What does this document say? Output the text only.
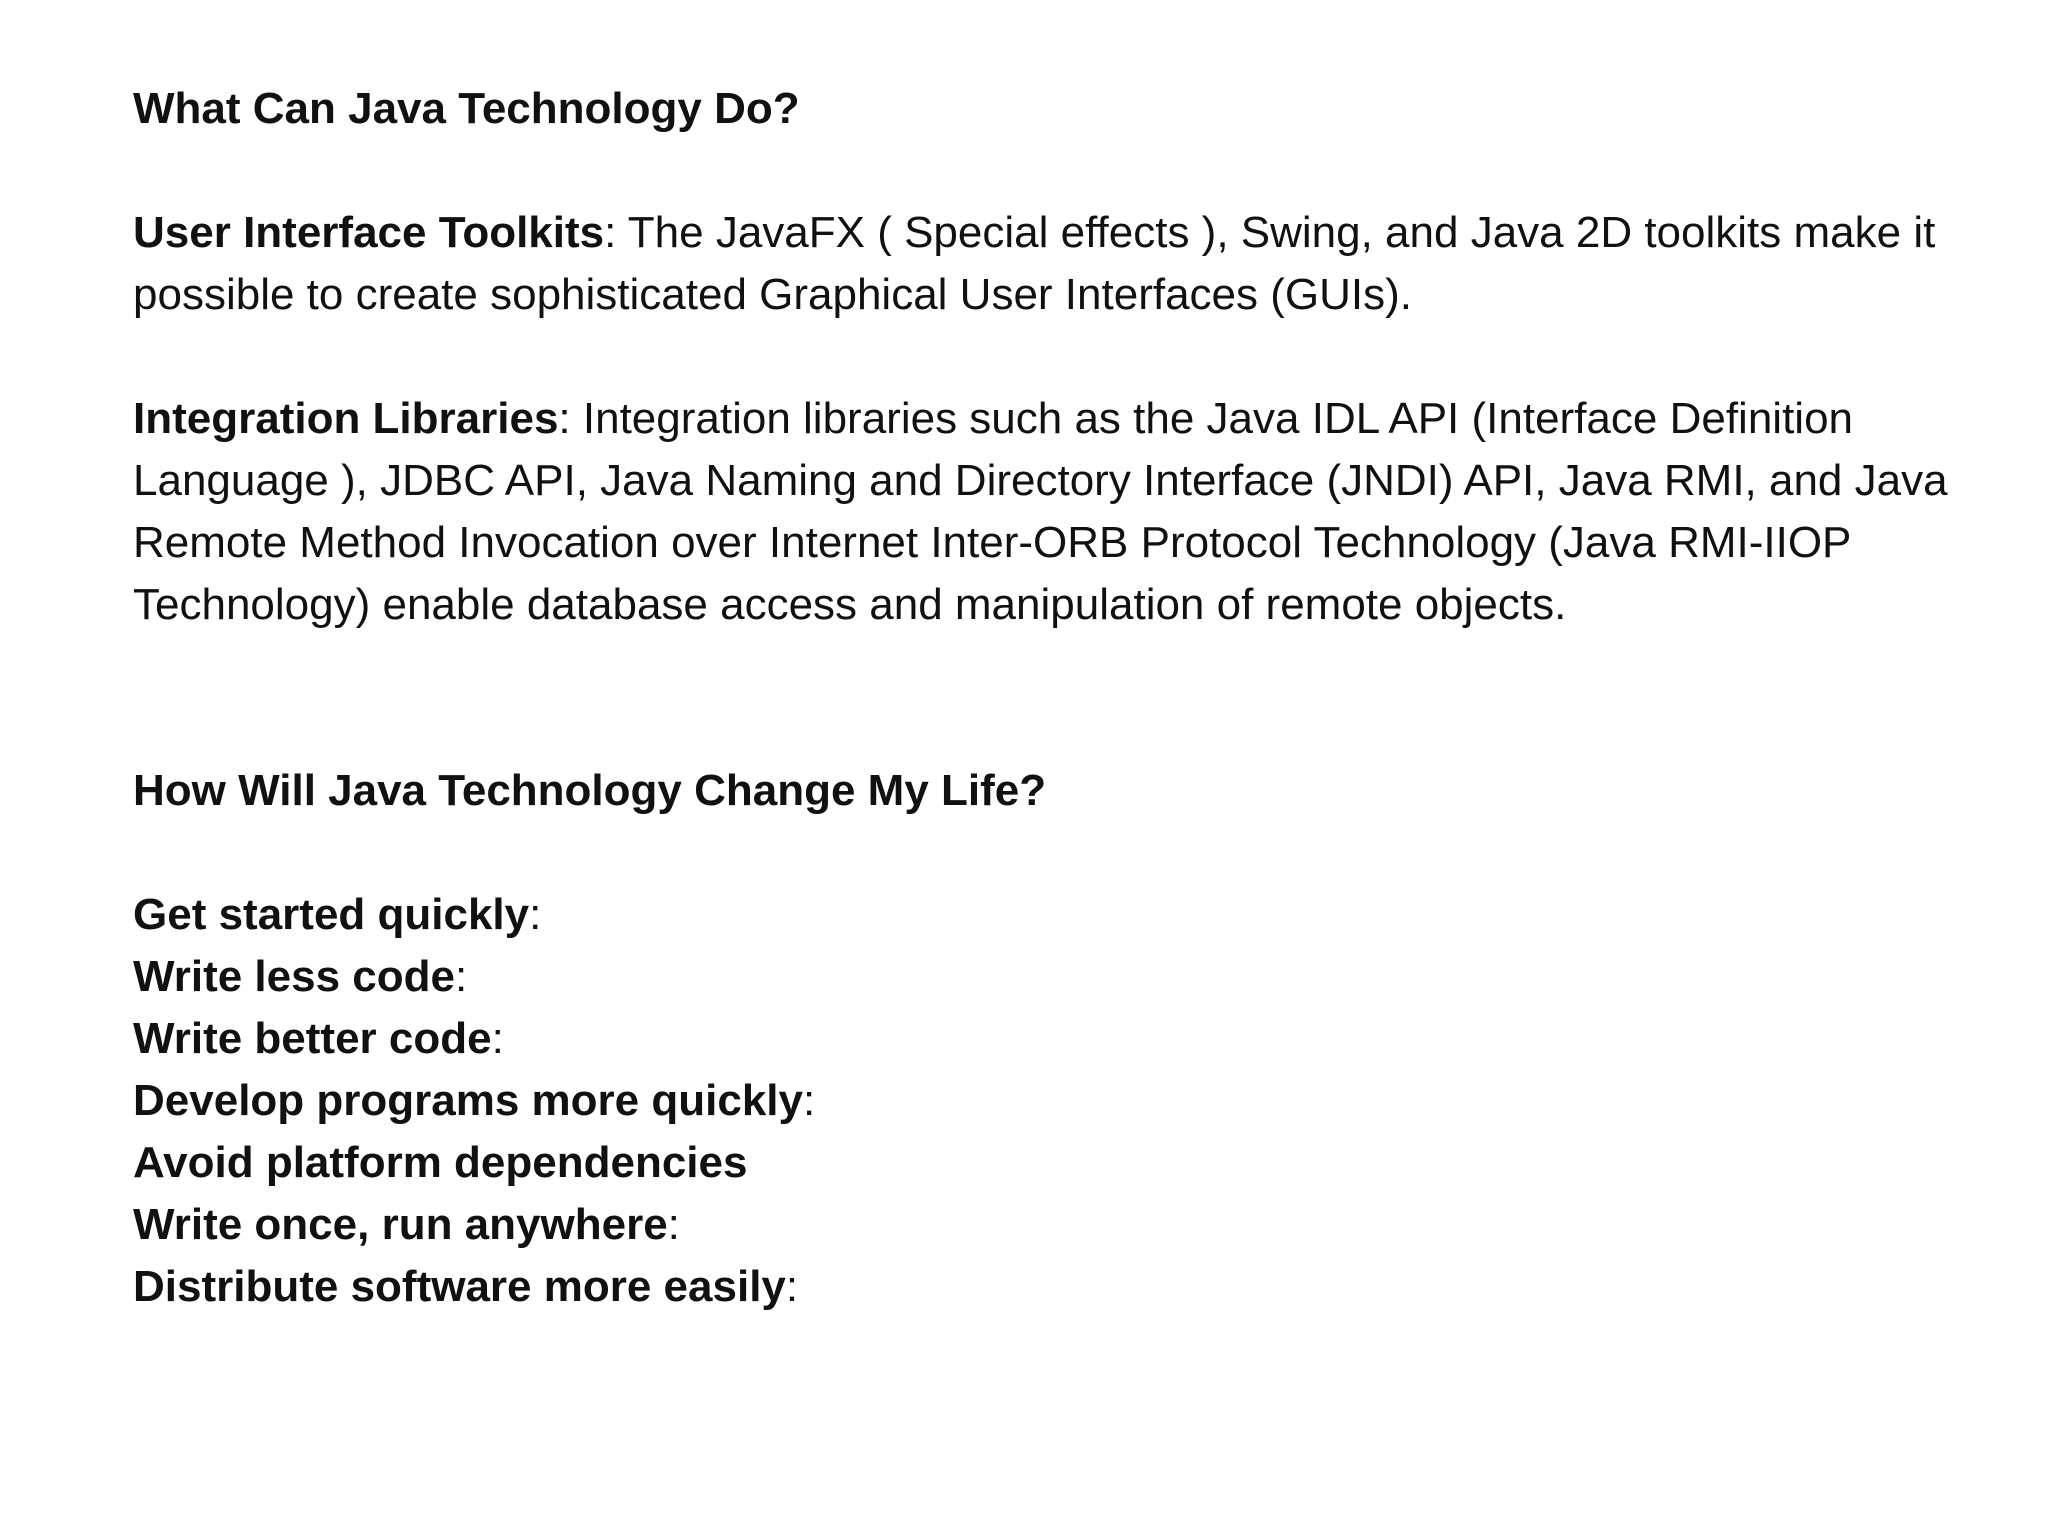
What Can Java Technology Do?

User Interface Toolkits: The JavaFX ( Special effects ), Swing, and Java 2D toolkits make it possible to create sophisticated Graphical User Interfaces (GUIs).

Integration Libraries: Integration libraries such as the Java IDL API (Interface Definition Language ), JDBC API, Java Naming and Directory Interface (JNDI) API, Java RMI, and Java Remote Method Invocation over Internet Inter-ORB Protocol Technology (Java RMI-IIOP Technology) enable database access and manipulation of remote objects.

How Will Java Technology Change My Life?

Get started quickly:

Write less code:

Write better code:

Develop programs more quickly:

Avoid platform dependencies

Write once, run anywhere:

Distribute software more easily:
